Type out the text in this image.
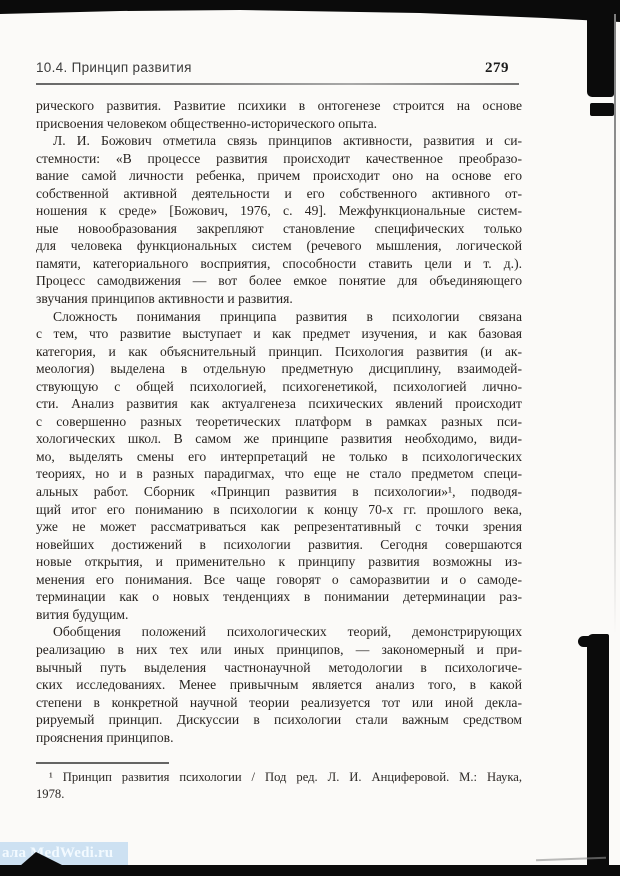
10.4. Принцип развития	279
рического развития. Развитие психики в онтогенезе строится на основе
присвоения человеком общественно-исторического опыта.
Л. И. Божович отметила связь принципов активности, развития и си-
стемности: «В процессе развития происходит качественное преобразо-
вание самой личности ребенка, причем происходит оно на основе его
собственной активной деятельности и его собственного активного от-
ношения к среде» [Божович, 1976, с. 49]. Межфункциональные систем-
ные новообразования закрепляют становление специфических только
для человека функциональных систем (речевого мышления, логической
памяти, категориального восприятия, способности ставить цели и т. д.).
Процесс самодвижения — вот более емкое понятие для объединяющего
звучания принципов активности и развития.
Сложность понимания принципа развития в психологии связана
с тем, что развитие выступает и как предмет изучения, и как базовая
категория, и как объяснительный принцип. Психология развития (и ак-
меология) выделена в отдельную предметную дисциплину, взаимодей-
ствующую с общей психологией, психогенетикой, психологией лично-
сти. Анализ развития как актуалгенеза психических явлений происходит
с совершенно разных теоретических платформ в рамках разных пси-
хологических школ. В самом же принципе развития необходимо, види-
мо, выделять смены его интерпретаций не только в психологических
теориях, но и в разных парадигмах, что еще не стало предметом специ-
альных работ. Сборник «Принцип развития в психологии»¹, подводя-
щий итог его пониманию в психологии к концу 70-х гг. прошлого века,
уже не может рассматриваться как репрезентативный с точки зрения
новейших достижений в психологии развития. Сегодня совершаются
новые открытия, и применительно к принципу развития возможны из-
менения его понимания. Все чаще говорят о саморазвитии и о самоде-
терминации как о новых тенденциях в понимании детерминации раз-
вития будущим.
Обобщения положений психологических теорий, демонстрирующих
реализацию в них тех или иных принципов, — закономерный и при-
вычный путь выделения частнонаучной методологии в психологиче-
ских исследованиях. Менее привычным является анализ того, в какой
степени в конкретной научной теории реализуется тот или иной декла-
рируемый принцип. Дискуссии в психологии стали важным средством
прояснения принципов.
¹ Принцип развития психологии / Под ред. Л. И. Анциферовой. М.: Наука,
1978.
ала MedWedi.ru
